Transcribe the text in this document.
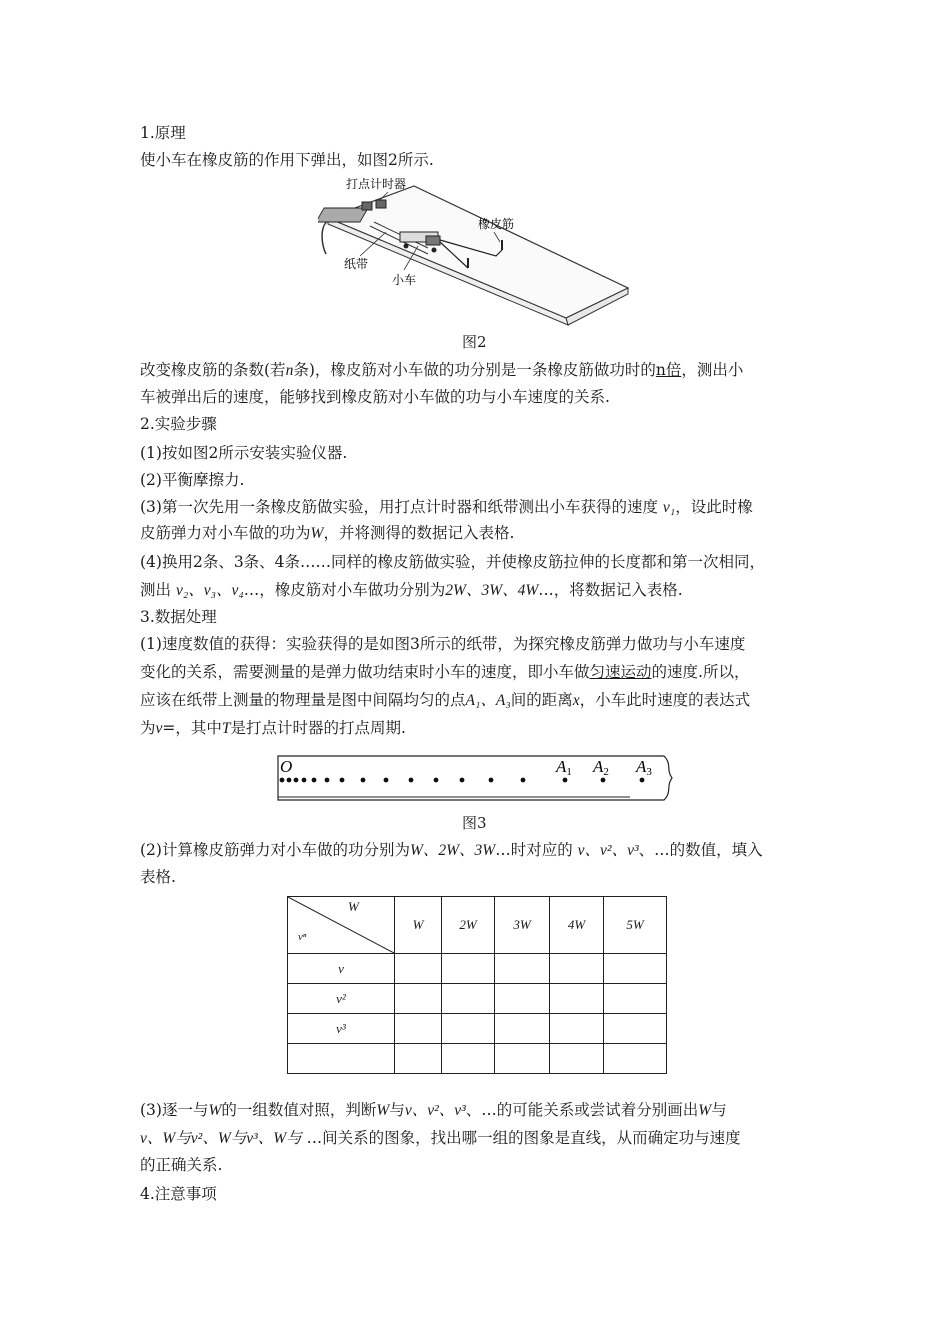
1.原理
使小车在橡皮筋的作用下弹出，如图2所示.
打点计时器
橡皮筋
纸带
小车
图2
改变橡皮筋的条数(若n条)，橡皮筋对小车做的功分别是一条橡皮筋做功时的n倍，测出小
车被弹出后的速度，能够找到橡皮筋对小车做的功与小车速度的关系.
2.实验步骤
(1)按如图2所示安装实验仪器.
(2)平衡摩擦力.
(3)第一次先用一条橡皮筋做实验，用打点计时器和纸带测出小车获得的速度 v₁，设此时橡
皮筋弹力对小车做的功为W，并将测得的数据记入表格.
(4)换用2条、3条、4条……同样的橡皮筋做实验，并使橡皮筋拉伸的长度都和第一次相同，
测出 v₂、v₃、v₄…，橡皮筋对小车做功分别为2W、3W、4W…，将数据记入表格.
3.数据处理
(1)速度数值的获得：实验获得的是如图3所示的纸带，为探究橡皮筋弹力做功与小车速度
变化的关系，需要测量的是弹力做功结束时小车的速度，即小车做匀速运动的速度.所以，
应该在纸带上测量的物理量是图中间隔均匀的点A₁、A₃间的距离x，小车此时速度的表达式
为v=，其中T是打点计时器的打点周期.
O	A1 A2 A3
图3
(2)计算橡皮筋弹力对小车做的功分别为W、2W、3W…时对应的 v、v²、v³、…的数值，填入
表格.
W
vⁿ	W	2W	3W	4W	5W
v					
v²					
v³					

(3)逐一与W的一组数值对照，判断W与v、v²、v³、…的可能关系或尝试着分别画出W与
v、W与v²、W与v³、W与 …间关系的图象，找出哪一组的图象是直线，从而确定功与速度
的正确关系.
4.注意事项
